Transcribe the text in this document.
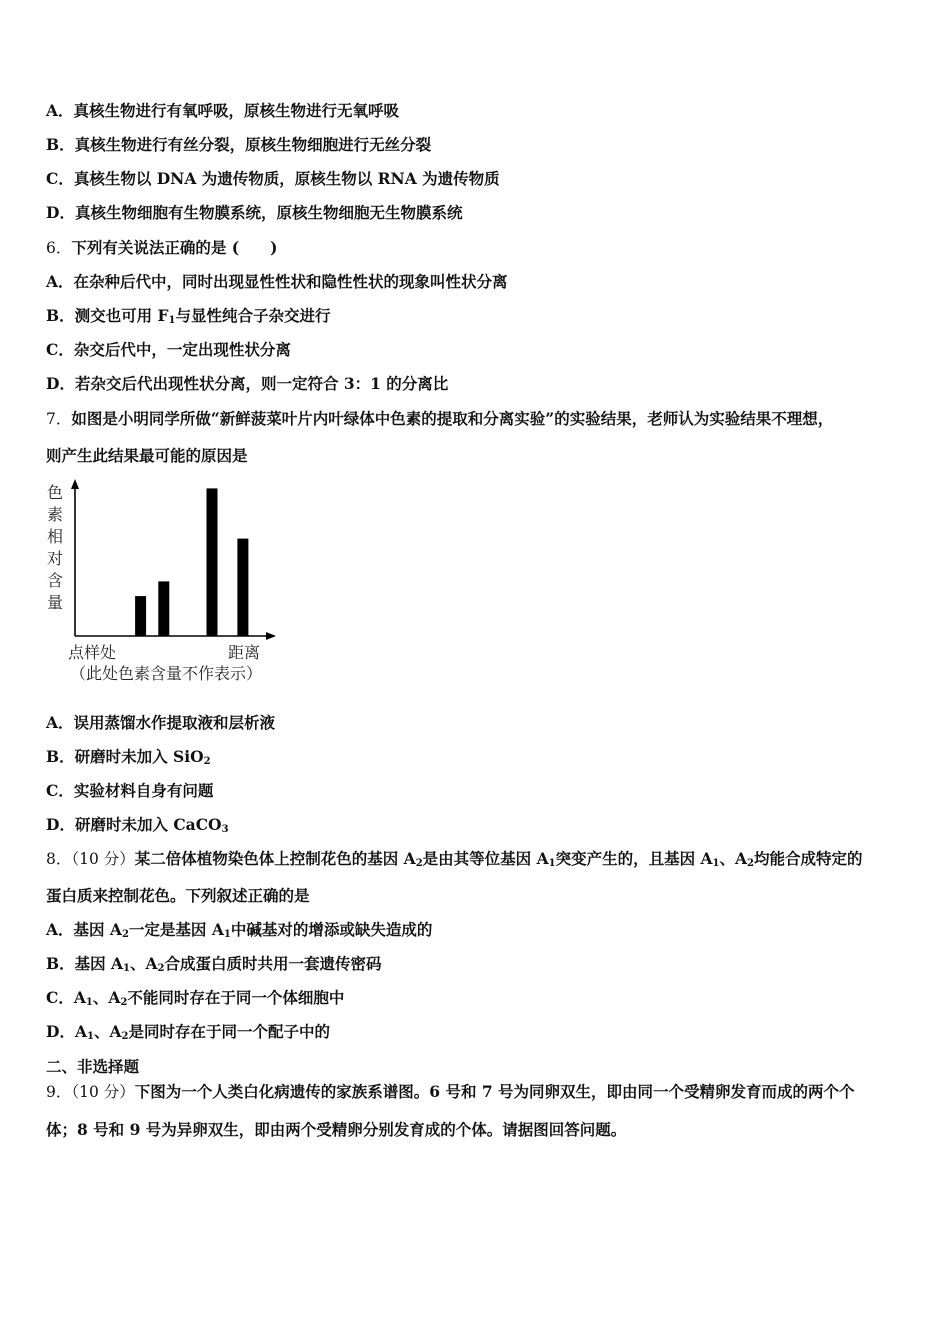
A．真核生物进行有氧呼吸，原核生物进行无氧呼吸
B．真核生物进行有丝分裂，原核生物细胞进行无丝分裂
C．真核生物以 DNA 为遗传物质，原核生物以 RNA 为遗传物质
D．真核生物细胞有生物膜系统，原核生物细胞无生物膜系统
6．下列有关说法正确的是 (　　)
A．在杂种后代中，同时出现显性性状和隐性性状的现象叫性状分离
B．测交也可用 $F_1$与显性纯合子杂交进行
C．杂交后代中，一定出现性状分离
D．若杂交后代出现性状分离，则一定符合 3：1 的分离比
7．如图是小明同学所做“新鲜菠菜叶片内叶绿体中色素的提取和分离实验”的实验结果，老师认为实验结果不理想，
则产生此结果最可能的原因是
色
素
相
对
含
量
点样处	距离
（此处色素含量不作表示）
A．误用蒸馏水作提取液和层析液
B．研磨时未加入 SiO$_2$
C．实验材料自身有问题
D．研磨时未加入 CaCO$_3$
8．（10 分）某二倍体植物染色体上控制花色的基因 $A_2$是由其等位基因 $A_1$突变产生的，且基因 $A_1$、$A_2$均能合成特定的
蛋白质来控制花色。下列叙述正确的是
A．基因 $A_2$一定是基因 $A_1$中碱基对的增添或缺失造成的
B．基因 $A_1$、$A_2$合成蛋白质时共用一套遗传密码
C．$A_1$、$A_2$不能同时存在于同一个体细胞中
D．$A_1$、$A_2$是同时存在于同一个配子中的
二、非选择题
9．（10 分）下图为一个人类白化病遗传的家族系谱图。6 号和 7 号为同卵双生，即由同一个受精卵发育而成的两个个
体；8 号和 9 号为异卵双生，即由两个受精卵分别发育成的个体。请据图回答问题。
